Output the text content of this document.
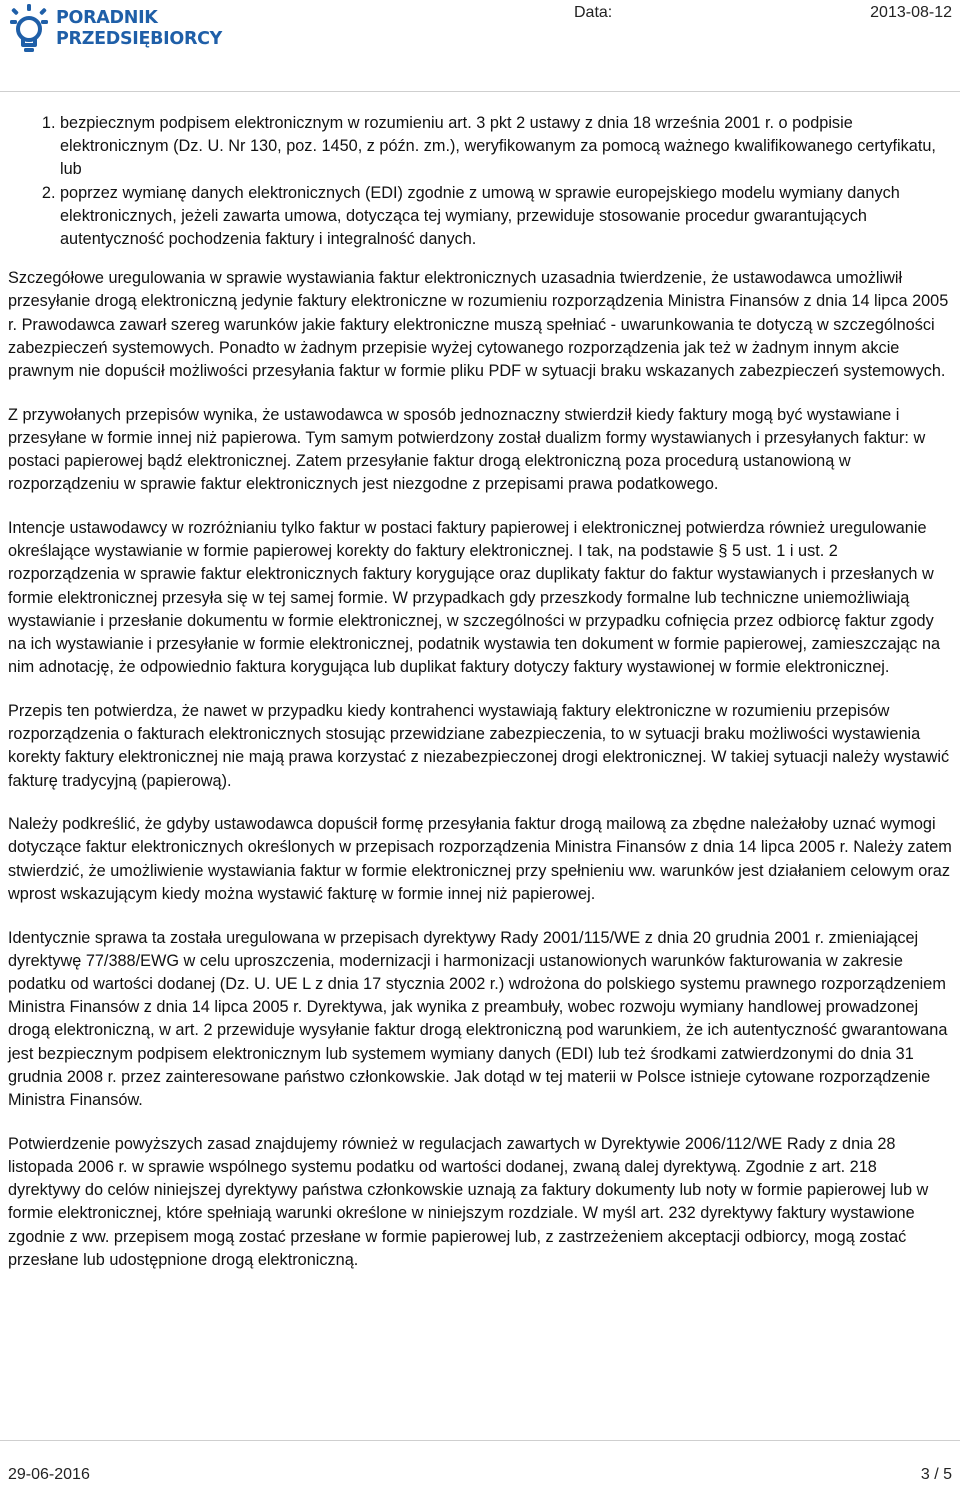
PORADNIK
PRZEDSIĘBIORCY
Data:	2013-08-12
1. bezpiecznym podpisem elektronicznym w rozumieniu art. 3 pkt 2 ustawy z dnia 18 września 2001 r. o podpisie elektronicznym (Dz. U. Nr 130, poz. 1450, z późn. zm.), weryfikowanym za pomocą ważnego kwalifikowanego certyfikatu, lub
2. poprzez wymianę danych elektronicznych (EDI) zgodnie z umową w sprawie europejskiego modelu wymiany danych elektronicznych, jeżeli zawarta umowa, dotycząca tej wymiany, przewiduje stosowanie procedur gwarantujących autentyczność pochodzenia faktury i integralność danych.

Szczegółowe uregulowania w sprawie wystawiania faktur elektronicznych uzasadnia twierdzenie, że ustawodawca umożliwił przesyłanie drogą elektroniczną jedynie faktury elektroniczne w rozumieniu rozporządzenia Ministra Finansów z dnia 14 lipca 2005 r. Prawodawca zawarł szereg warunków jakie faktury elektroniczne muszą spełniać - uwarunkowania te dotyczą w szczególności zabezpieczeń systemowych. Ponadto w żadnym przepisie wyżej cytowanego rozporządzenia jak też w żadnym innym akcie prawnym nie dopuścił możliwości przesyłania faktur w formie pliku PDF w sytuacji braku wskazanych zabezpieczeń systemowych.

Z przywołanych przepisów wynika, że ustawodawca w sposób jednoznaczny stwierdził kiedy faktury mogą być wystawiane i przesyłane w formie innej niż papierowa. Tym samym potwierdzony został dualizm formy wystawianych i przesyłanych faktur: w postaci papierowej bądź elektronicznej. Zatem przesyłanie faktur drogą elektroniczną poza procedurą ustanowioną w rozporządzeniu w sprawie faktur elektronicznych jest niezgodne z przepisami prawa podatkowego.

Intencje ustawodawcy w rozróżnianiu tylko faktur w postaci faktury papierowej i elektronicznej potwierdza również uregulowanie określające wystawianie w formie papierowej korekty do faktury elektronicznej. I tak, na podstawie § 5 ust. 1 i ust. 2 rozporządzenia w sprawie faktur elektronicznych faktury korygujące oraz duplikaty faktur do faktur wystawianych i przesłanych w formie elektronicznej przesyła się w tej samej formie. W przypadkach gdy przeszkody formalne lub techniczne uniemożliwiają wystawianie i przesłanie dokumentu w formie elektronicznej, w szczególności w przypadku cofnięcia przez odbiorcę faktur zgody na ich wystawianie i przesyłanie w formie elektronicznej, podatnik wystawia ten dokument w formie papierowej, zamieszczając na nim adnotację, że odpowiednio faktura korygująca lub duplikat faktury dotyczy faktury wystawionej w formie elektronicznej.

Przepis ten potwierdza, że nawet w przypadku kiedy kontrahenci wystawiają faktury elektroniczne w rozumieniu przepisów rozporządzenia o fakturach elektronicznych stosując przewidziane zabezpieczenia, to w sytuacji braku możliwości wystawienia korekty faktury elektronicznej nie mają prawa korzystać z niezabezpieczonej drogi elektronicznej. W takiej sytuacji należy wystawić fakturę tradycyjną (papierową).

Należy podkreślić, że gdyby ustawodawca dopuścił formę przesyłania faktur drogą mailową za zbędne należałoby uznać wymogi dotyczące faktur elektronicznych określonych w przepisach rozporządzenia Ministra Finansów z dnia 14 lipca 2005 r. Należy zatem stwierdzić, że umożliwienie wystawiania faktur w formie elektronicznej przy spełnieniu ww. warunków jest działaniem celowym oraz wprost wskazującym kiedy można wystawić fakturę w formie innej niż papierowej.

Identycznie sprawa ta została uregulowana w przepisach dyrektywy Rady 2001/115/WE z dnia 20 grudnia 2001 r. zmieniającej dyrektywę 77/388/EWG w celu uproszczenia, modernizacji i harmonizacji ustanowionych warunków fakturowania w zakresie podatku od wartości dodanej (Dz. U. UE L z dnia 17 stycznia 2002 r.) wdrożona do polskiego systemu prawnego rozporządzeniem Ministra Finansów z dnia 14 lipca 2005 r. Dyrektywa, jak wynika z preambuły, wobec rozwoju wymiany handlowej prowadzonej drogą elektroniczną, w art. 2 przewiduje wysyłanie faktur drogą elektroniczną pod warunkiem, że ich autentyczność gwarantowana jest bezpiecznym podpisem elektronicznym lub systemem wymiany danych (EDI) lub też środkami zatwierdzonymi do dnia 31 grudnia 2008 r. przez zainteresowane państwo członkowskie. Jak dotąd w tej materii w Polsce istnieje cytowane rozporządzenie Ministra Finansów.

Potwierdzenie powyższych zasad znajdujemy również w regulacjach zawartych w Dyrektywie 2006/112/WE Rady z dnia 28 listopada 2006 r. w sprawie wspólnego systemu podatku od wartości dodanej, zwaną dalej dyrektywą. Zgodnie z art. 218 dyrektywy do celów niniejszej dyrektywy państwa członkowskie uznają za faktury dokumenty lub noty w formie papierowej lub w formie elektronicznej, które spełniają warunki określone w niniejszym rozdziale. W myśl art. 232 dyrektywy faktury wystawione zgodnie z ww. przepisem mogą zostać przesłane w formie papierowej lub, z zastrzeżeniem akceptacji odbiorcy, mogą zostać przesłane lub udostępnione drogą elektroniczną.

29-06-2016	3 / 5
